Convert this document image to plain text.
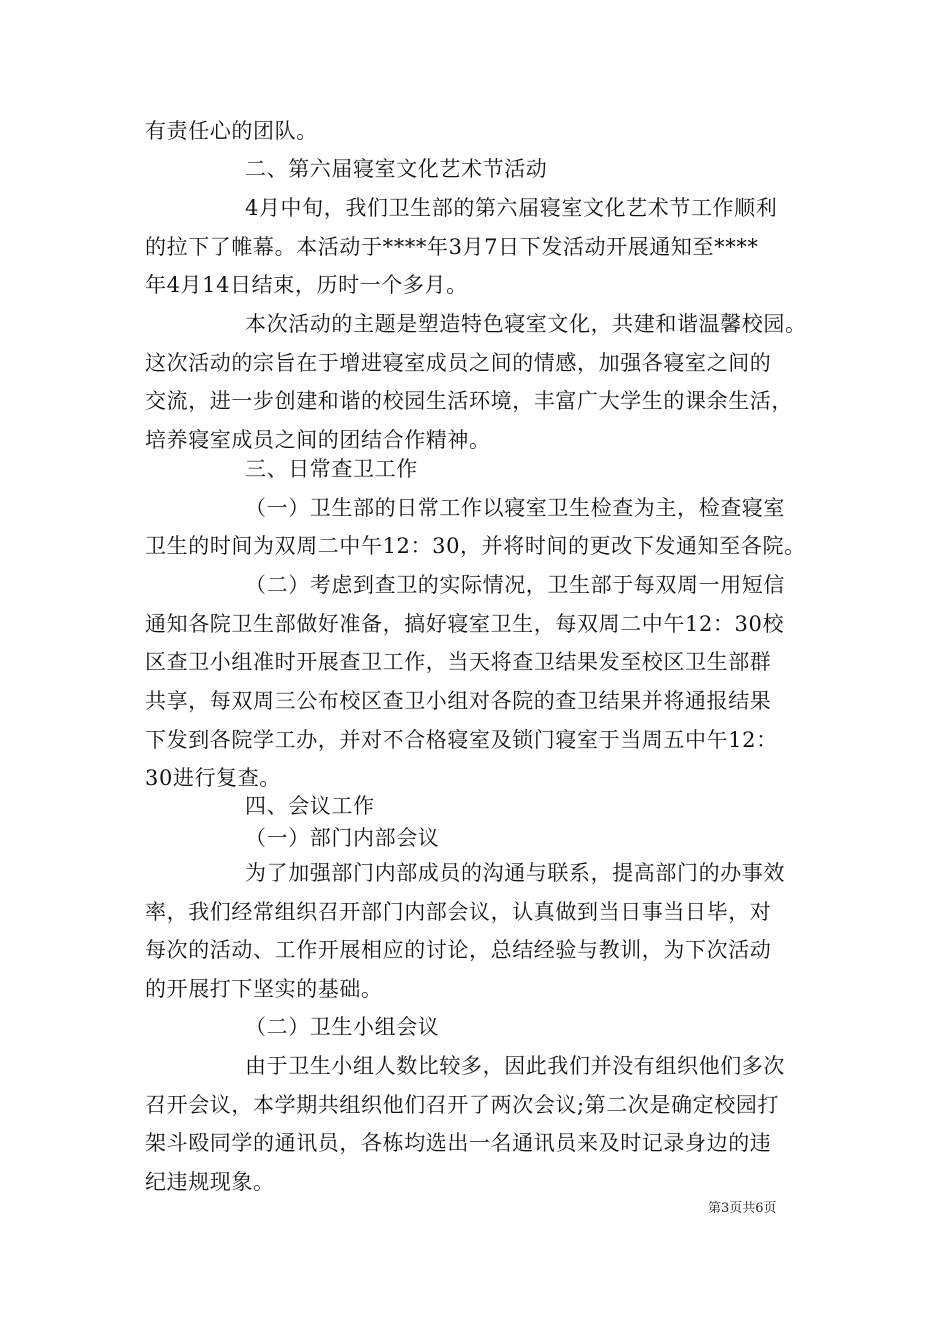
有责任心的团队。
二、第六届寝室文化艺术节活动
4月中旬，我们卫生部的第六届寝室文化艺术节工作顺利
的拉下了帷幕。本活动于****年3月7日下发活动开展通知至****
年4月14日结束，历时一个多月。
本次活动的主题是塑造特色寝室文化，共建和谐温馨校园。
这次活动的宗旨在于增进寝室成员之间的情感，加强各寝室之间的
交流，进一步创建和谐的校园生活环境，丰富广大学生的课余生活，
培养寝室成员之间的团结合作精神。
三、日常查卫工作
（一）卫生部的日常工作以寝室卫生检查为主，检查寝室
卫生的时间为双周二中午12：30，并将时间的更改下发通知至各院。
（二）考虑到查卫的实际情况，卫生部于每双周一用短信
通知各院卫生部做好准备，搞好寝室卫生，每双周二中午12：30校
区查卫小组准时开展查卫工作，当天将查卫结果发至校区卫生部群
共享，每双周三公布校区查卫小组对各院的查卫结果并将通报结果
下发到各院学工办，并对不合格寝室及锁门寝室于当周五中午12：
30进行复查。
四、会议工作
（一）部门内部会议
为了加强部门内部成员的沟通与联系，提高部门的办事效
率，我们经常组织召开部门内部会议，认真做到当日事当日毕，对
每次的活动、工作开展相应的讨论，总结经验与教训，为下次活动
的开展打下坚实的基础。
（二）卫生小组会议
由于卫生小组人数比较多，因此我们并没有组织他们多次
召开会议，本学期共组织他们召开了两次会议;第二次是确定校园打
架斗殴同学的通讯员，各栋均选出一名通讯员来及时记录身边的违
纪违规现象。
第3页共6页
